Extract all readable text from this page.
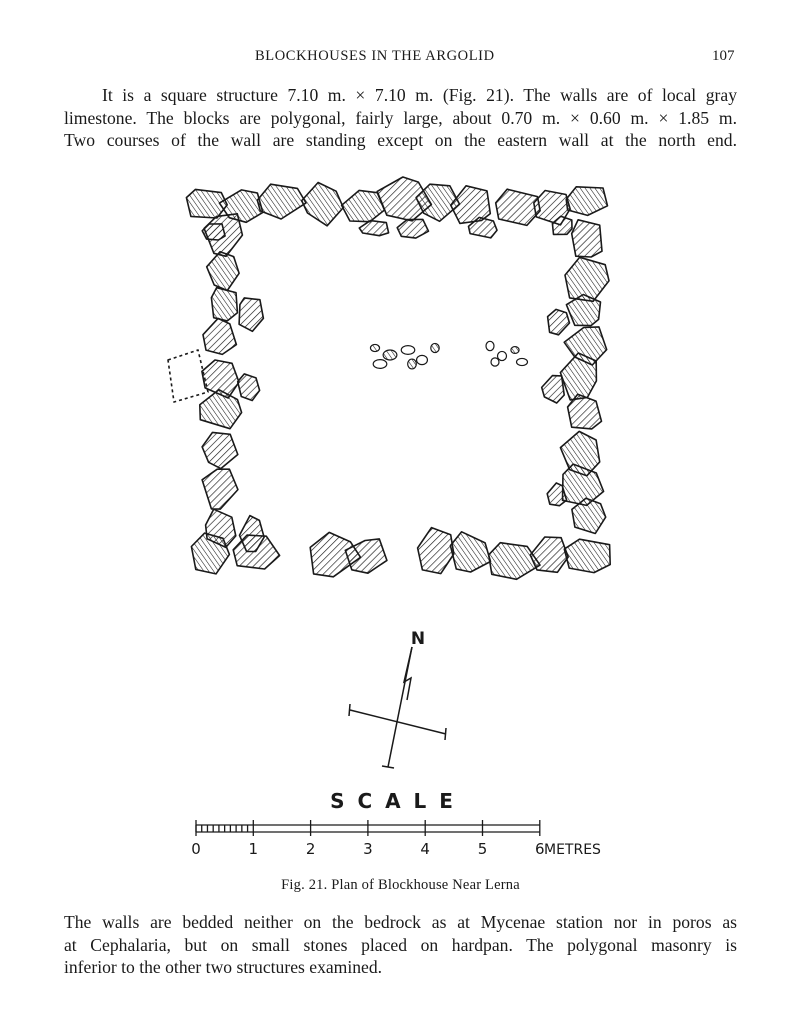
BLOCKHOUSES IN THE ARGOLID	107

It is a square structure 7.10 m. × 7.10 m. (Fig. 21). The walls are of local gray
limestone. The blocks are polygonal, fairly large, about 0.70 m. × 0.60 m. × 1.85 m.
Two courses of the wall are standing except on the eastern wall at the north end.

N
S C A L E
0	1	2	3	4	5	6 METRES
Fig. 21. Plan of Blockhouse Near Lerna

The walls are bedded neither on the bedrock as at Mycenae station nor in poros as
at Cephalaria, but on small stones placed on hardpan. The polygonal masonry is
inferior to the other two structures examined.
